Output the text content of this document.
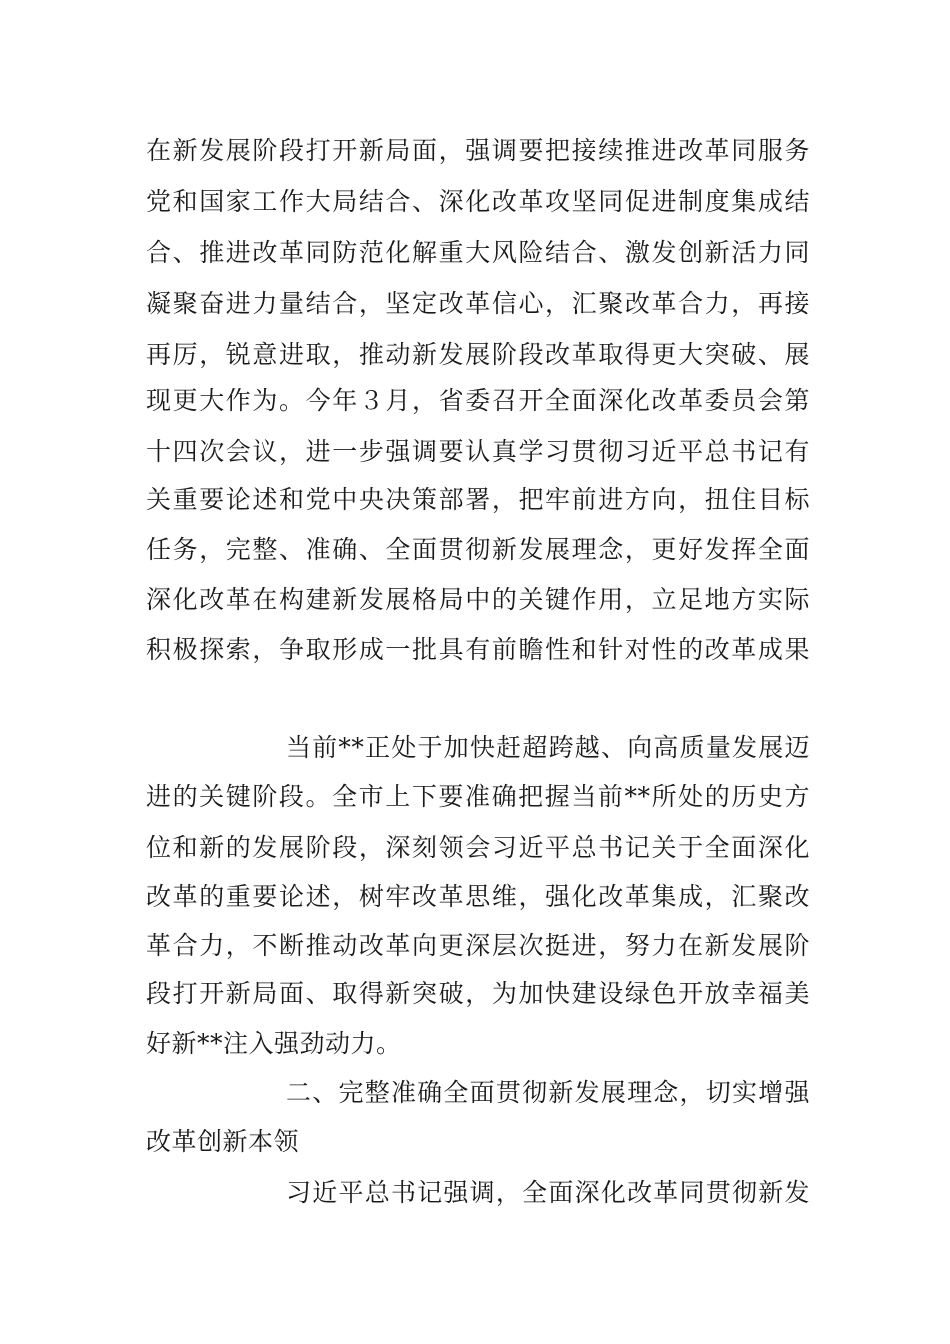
在新发展阶段打开新局面，强调要把接续推进改革同服务

党和国家工作大局结合、深化改革攻坚同促进制度集成结

合、推进改革同防范化解重大风险结合、激发创新活力同

凝聚奋进力量结合，坚定改革信心，汇聚改革合力，再接

再厉，锐意进取，推动新发展阶段改革取得更大突破、展

现更大作为。今年３月，省委召开全面深化改革委员会第

十四次会议，进一步强调要认真学习贯彻习近平总书记有

关重要论述和党中央决策部署，把牢前进方向，扭住目标

任务，完整、准确、全面贯彻新发展理念，更好发挥全面

深化改革在构建新发展格局中的关键作用，立足地方实际

积极探索，争取形成一批具有前瞻性和针对性的改革成果

当前**正处于加快赶超跨越、向高质量发展迈

进的关键阶段。全市上下要准确把握当前**所处的历史方

位和新的发展阶段，深刻领会习近平总书记关于全面深化

改革的重要论述，树牢改革思维，强化改革集成，汇聚改

革合力，不断推动改革向更深层次挺进，努力在新发展阶

段打开新局面、取得新突破，为加快建设绿色开放幸福美

好新**注入强劲动力。

二、完整准确全面贯彻新发展理念，切实增强

改革创新本领

习近平总书记强调，全面深化改革同贯彻新发
